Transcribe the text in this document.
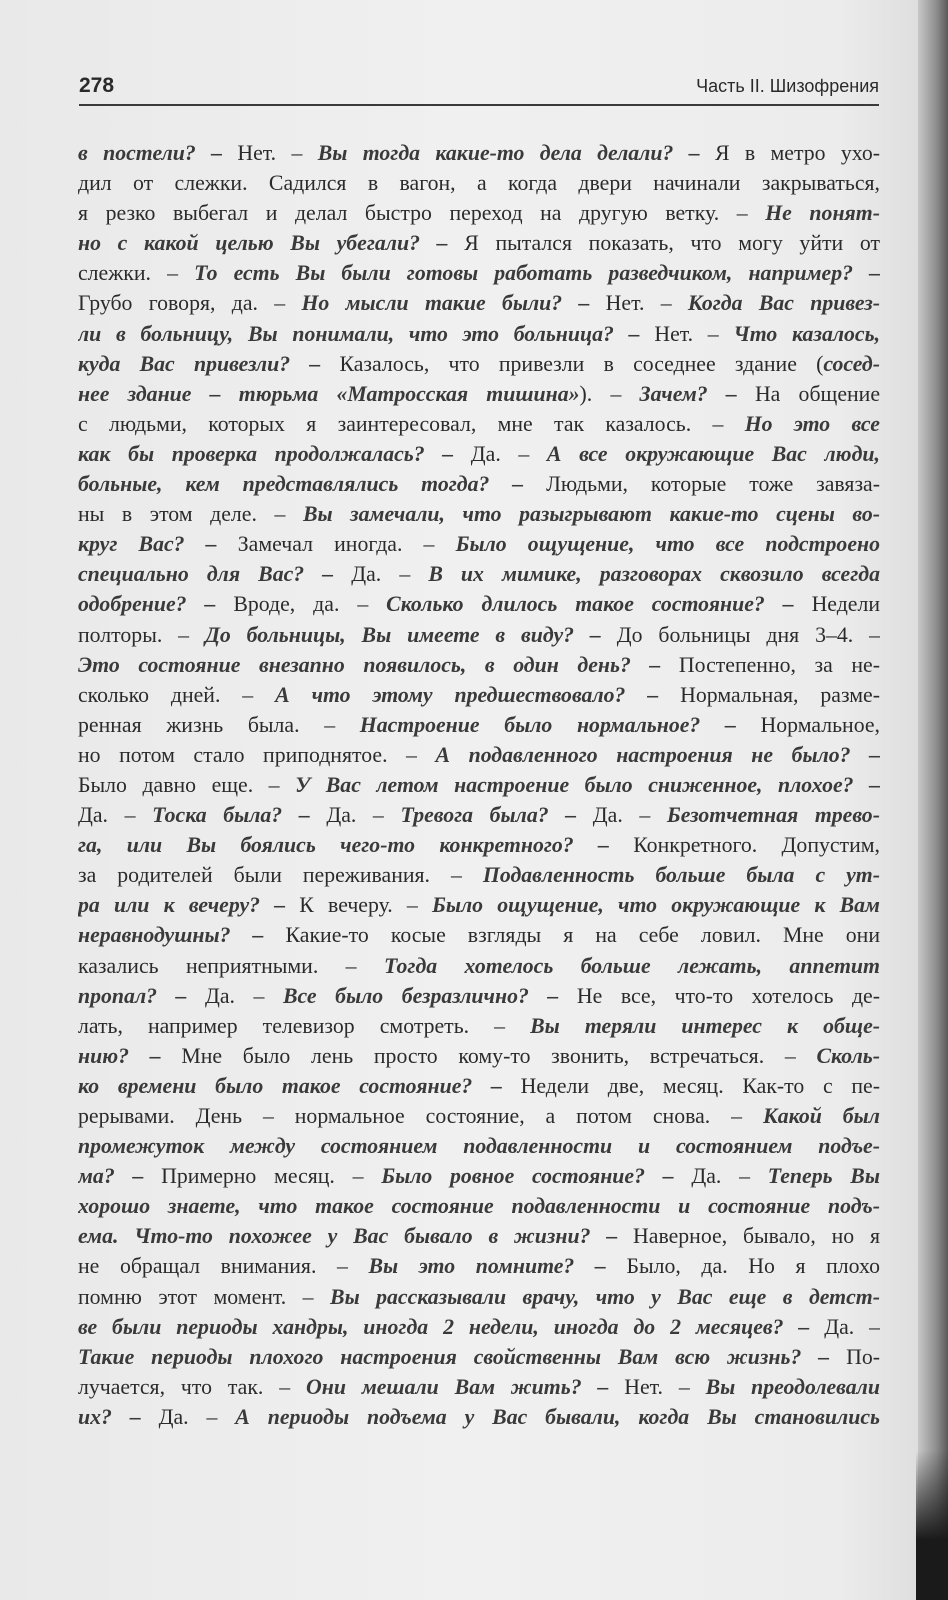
278	Часть II. Шизофрения
в постели? – Нет. – Вы тогда какие-то дела делали? – Я в метро ухо-
дил от слежки. Садился в вагон, а когда двери начинали закрываться,
я резко выбегал и делал быстро переход на другую ветку. – Не понят-
но с какой целью Вы убегали? – Я пытался показать, что могу уйти от
слежки. – То есть Вы были готовы работать разведчиком, например? –
Грубо говоря, да. – Но мысли такие были? – Нет. – Когда Вас привез-
ли в больницу, Вы понимали, что это больница? – Нет. – Что казалось,
куда Вас привезли? – Казалось, что привезли в соседнее здание (сосед-
нее здание – тюрьма «Матросская тишина»). – Зачем? – На общение
с людьми, которых я заинтересовал, мне так казалось. – Но это все
как бы проверка продолжалась? – Да. – А все окружающие Вас люди,
больные, кем представлялись тогда? – Людьми, которые тоже завяза-
ны в этом деле. – Вы замечали, что разыгрывают какие-то сцены во-
круг Вас? – Замечал иногда. – Было ощущение, что все подстроено
специально для Вас? – Да. – В их мимике, разговорах сквозило всегда
одобрение? – Вроде, да. – Сколько длилось такое состояние? – Недели
полторы. – До больницы, Вы имеете в виду? – До больницы дня 3–4. –
Это состояние внезапно появилось, в один день? – Постепенно, за не-
сколько дней. – А что этому предшествовало? – Нормальная, разме-
ренная жизнь была. – Настроение было нормальное? – Нормальное,
но потом стало приподнятое. – А подавленного настроения не было? –
Было давно еще. – У Вас летом настроение было сниженное, плохое? –
Да. – Тоска была? – Да. – Тревога была? – Да. – Безотчетная трево-
га, или Вы боялись чего-то конкретного? – Конкретного. Допустим,
за родителей были переживания. – Подавленность больше была с ут-
ра или к вечеру? – К вечеру. – Было ощущение, что окружающие к Вам
неравнодушны? – Какие-то косые взгляды я на себе ловил. Мне они
казались неприятными. – Тогда хотелось больше лежать, аппетит
пропал? – Да. – Все было безразлично? – Не все, что-то хотелось де-
лать, например телевизор смотреть. – Вы теряли интерес к обще-
нию? – Мне было лень просто кому-то звонить, встречаться. – Сколь-
ко времени было такое состояние? – Недели две, месяц. Как-то с пе-
рерывами. День – нормальное состояние, а потом снова. – Какой был
промежуток между состоянием подавленности и состоянием подъе-
ма? – Примерно месяц. – Было ровное состояние? – Да. – Теперь Вы
хорошо знаете, что такое состояние подавленности и состояние подъ-
ема. Что-то похожее у Вас бывало в жизни? – Наверное, бывало, но я
не обращал внимания. – Вы это помните? – Было, да. Но я плохо
помню этот момент. – Вы рассказывали врачу, что у Вас еще в детст-
ве были периоды хандры, иногда 2 недели, иногда до 2 месяцев? – Да. –
Такие периоды плохого настроения свойственны Вам всю жизнь? – По-
лучается, что так. – Они мешали Вам жить? – Нет. – Вы преодолевали
их? – Да. – А периоды подъема у Вас бывали, когда Вы становились
